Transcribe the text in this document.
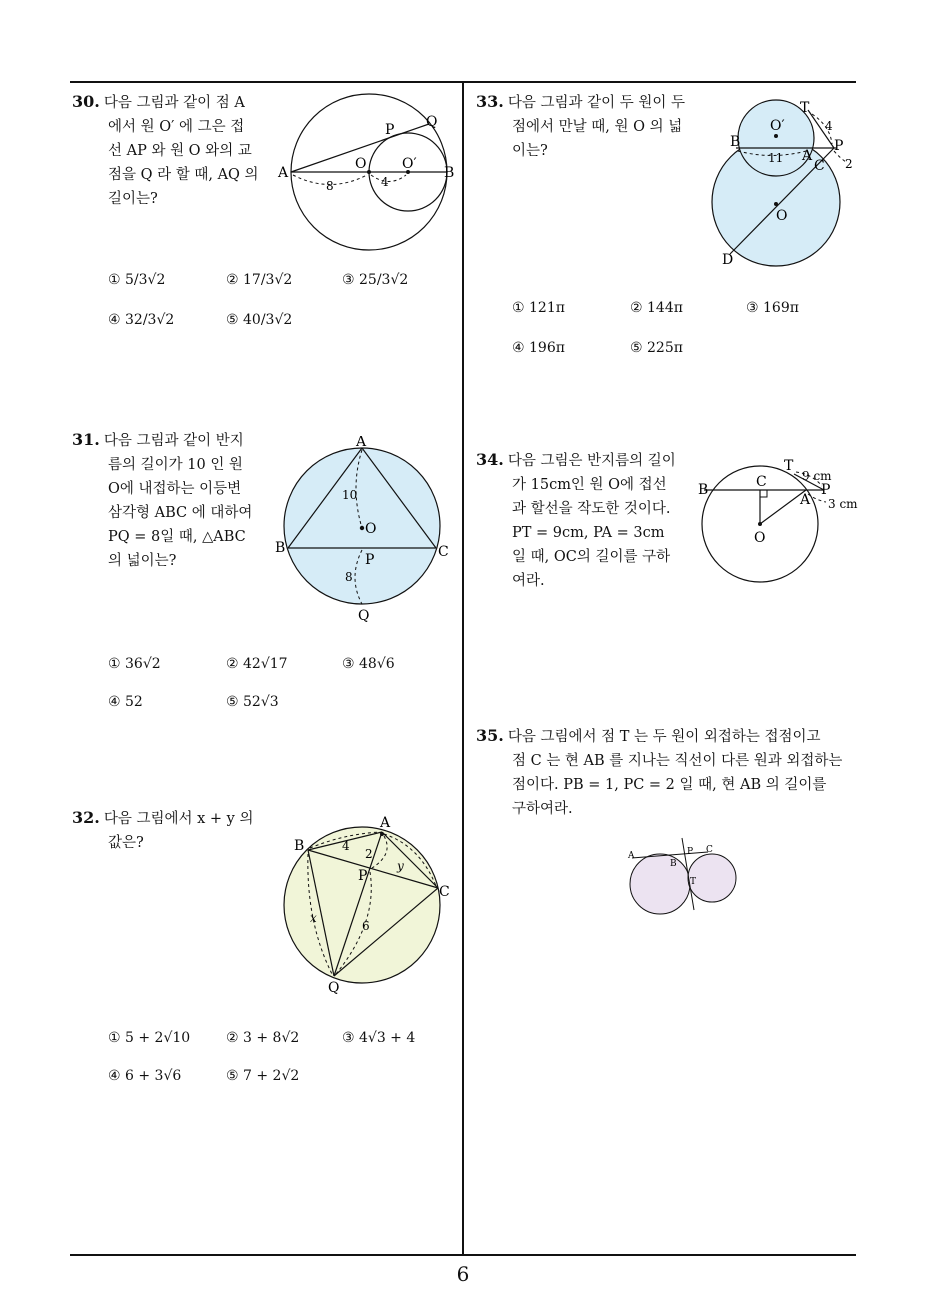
30. 다음 그림과 같이 점 A
에서 원 O′ 에 그은 접
선 AP 와 원 O 와의 교
점을 Q 라 할 때, AQ 의
길이는?
A	B
P Q
O	O′
8	4
① 5/3√2	② 17/3√2	③ 25/3√2
④ 32/3√2	⑤ 40/3√2
31. 다음 그림과 같이 반지
름의 길이가 10 인 원
O에 내접하는 이등변
삼각형 ABC 에 대하여
PQ = 8일 때, △ABC
의 넓이는?
A
B	C
O
P
Q
10
8
① 36√2	② 42√17	③ 48√6
④ 52	⑤ 52√3
32. 다음 그림에서 x + y 의
값은?
A
B
C
P
Q
4
2
y
6
x
① 5 + 2√10	② 3 + 8√2	③ 4√3 + 4
④ 6 + 3√6	⑤ 7 + 2√2
33. 다음 그림과 같이 두 원이 두
점에서 만날 때, 원 O 의 넓
이는?
T
O′
B
A
P
C
O
D
4
11	2
① 121π	② 144π	③ 169π
④ 196π	⑤ 225π
34. 다음 그림은 반지름의 길이
가 15cm인 원 O에 접선
과 할선을 작도한 것이다.
PT = 9cm, PA = 3cm
일 때, OC의 길이를 구하
여라.
T
B	C	P
A
O
9 cm
3 cm
35. 다음 그림에서 점 T 는 두 원이 외접하는 접점이고
점 C 는 현 AB 를 지나는 직선이 다른 원과 외접하는
점이다. PB = 1, PC = 2 일 때, 현 AB 의 길이를
구하여라.
A
B
P C
T
6
